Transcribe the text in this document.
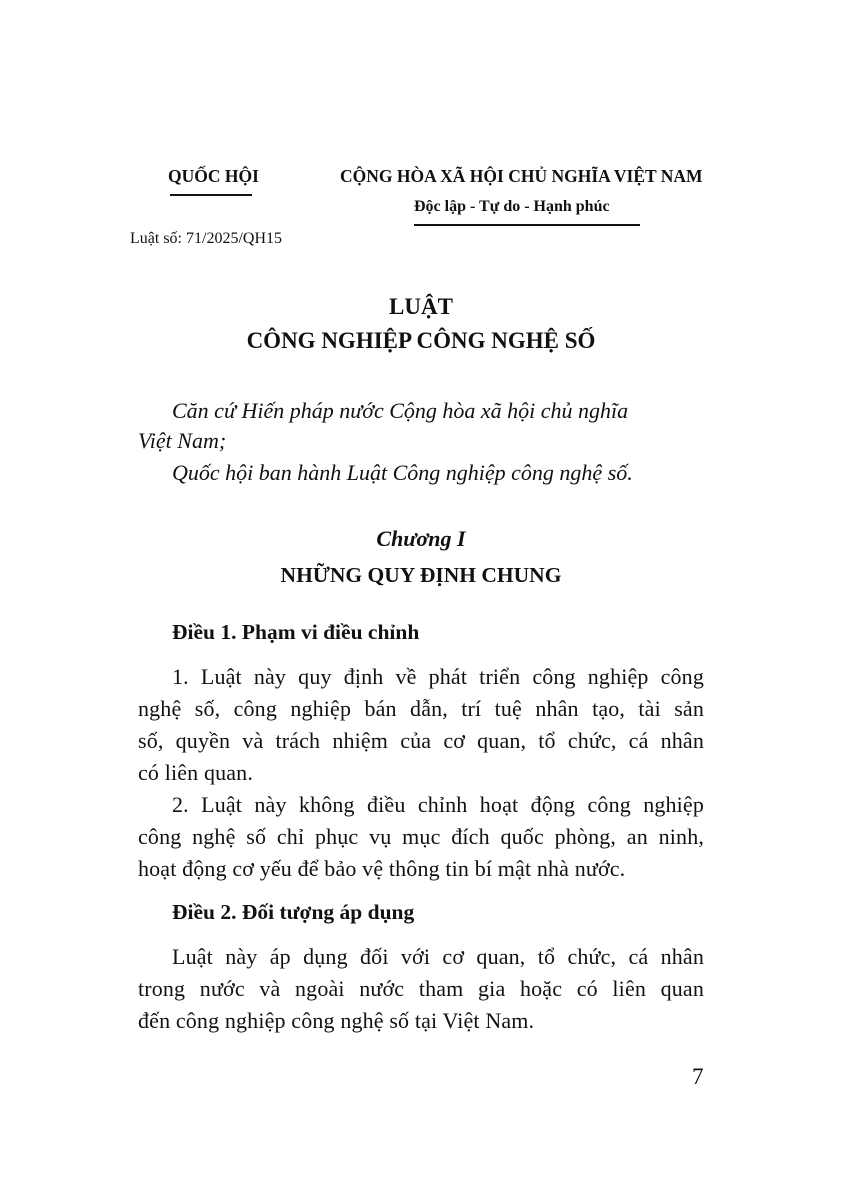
QUỐC HỘI	CỘNG HÒA XÃ HỘI CHỦ NGHĨA VIỆT NAM
Độc lập - Tự do - Hạnh phúc
Luật số: 71/2025/QH15
LUẬT
CÔNG NGHIỆP CÔNG NGHỆ SỐ
Căn cứ Hiến pháp nước Cộng hòa xã hội chủ nghĩa
Việt Nam;
Quốc hội ban hành Luật Công nghiệp công nghệ số.
Chương I
NHỮNG QUY ĐỊNH CHUNG
Điều 1. Phạm vi điều chỉnh
1. Luật này quy định về phát triển công nghiệp công
nghệ số, công nghiệp bán dẫn, trí tuệ nhân tạo, tài sản
số, quyền và trách nhiệm của cơ quan, tổ chức, cá nhân
có liên quan.
2. Luật này không điều chỉnh hoạt động công nghiệp
công nghệ số chỉ phục vụ mục đích quốc phòng, an ninh,
hoạt động cơ yếu để bảo vệ thông tin bí mật nhà nước.
Điều 2. Đối tượng áp dụng
Luật này áp dụng đối với cơ quan, tổ chức, cá nhân
trong nước và ngoài nước tham gia hoặc có liên quan
đến công nghiệp công nghệ số tại Việt Nam.
7
